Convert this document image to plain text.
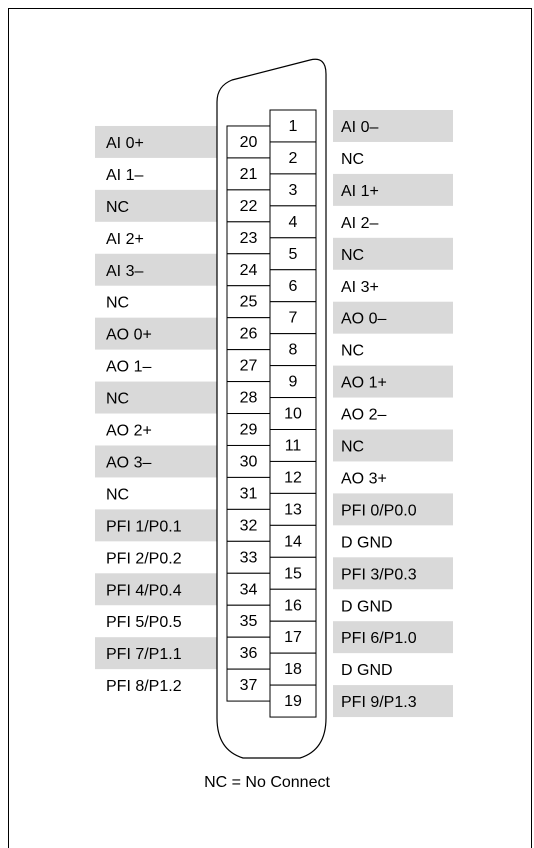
1
2
3
4
5
6
7
8
9
10
11
12
13
14
15
16
17
18
19
20
21
22
23
24
25
26
27
28
29
30
31
32
33
34
35
36
37
AI 0–
NC
AI 1+
AI 2–
NC
AI 3+
AO 0–
NC
AO 1+
AO 2–
NC
AO 3+
PFI 0/P0.0
D GND
PFI 3/P0.3
D GND
PFI 6/P1.0
D GND
PFI 9/P1.3
AI 0+
AI 1–
NC
AI 2+
AI 3–
NC
AO 0+
AO 1–
NC
AO 2+
AO 3–
NC
PFI 1/P0.1
PFI 2/P0.2
PFI 4/P0.4
PFI 5/P0.5
PFI 7/P1.1
PFI 8/P1.2
NC = No Connect
